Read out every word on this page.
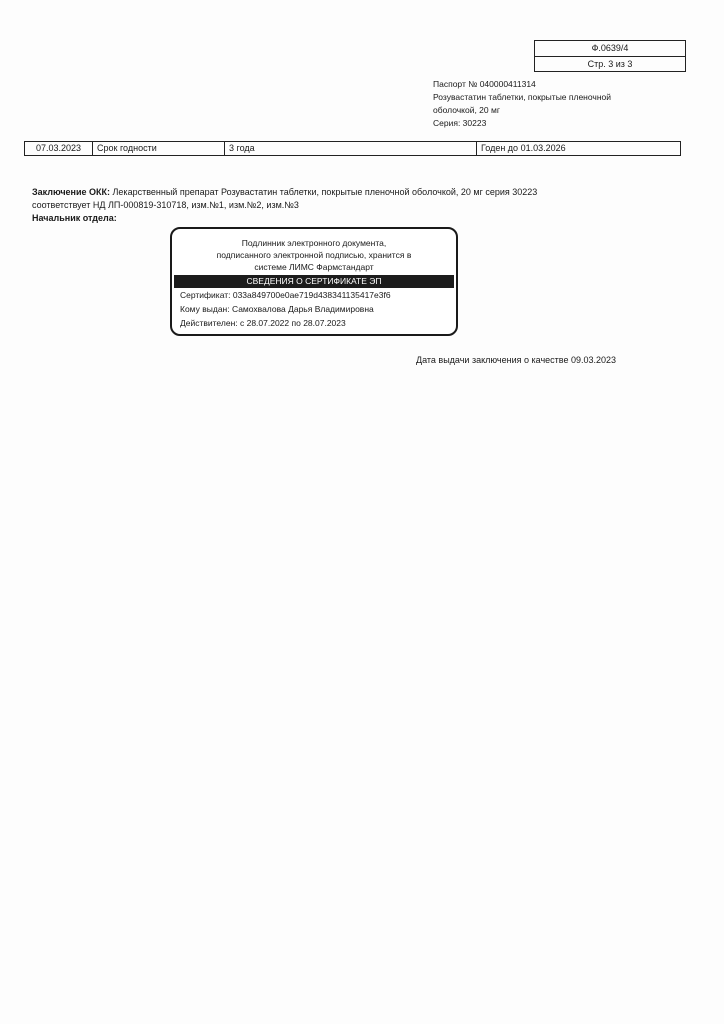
Ф.0639/4
Стр. 3 из 3
Паспорт № 040000411314
Розувастатин таблетки, покрытые пленочной
оболочкой, 20 мг
Серия: 30223
07.03.2023	Срок годности	3 года	Годен до 01.03.2026
Заключение ОКК: Лекарственный препарат Розувастатин таблетки, покрытые пленочной оболочкой, 20 мг серия 30223
соответствует НД ЛП-000819-310718, изм.№1, изм.№2, изм.№3
Начальник отдела:
Подлинник электронного документа,
подписанного электронной подписью, хранится в
системе ЛИМС Фармстандарт
СВЕДЕНИЯ О СЕРТИФИКАТЕ ЭП
Сертификат: 033a849700e0ae719d438341135417e3f6
Кому выдан: Самохвалова Дарья Владимировна
Действителен: с 28.07.2022 по 28.07.2023
Дата выдачи заключения о качестве 09.03.2023
